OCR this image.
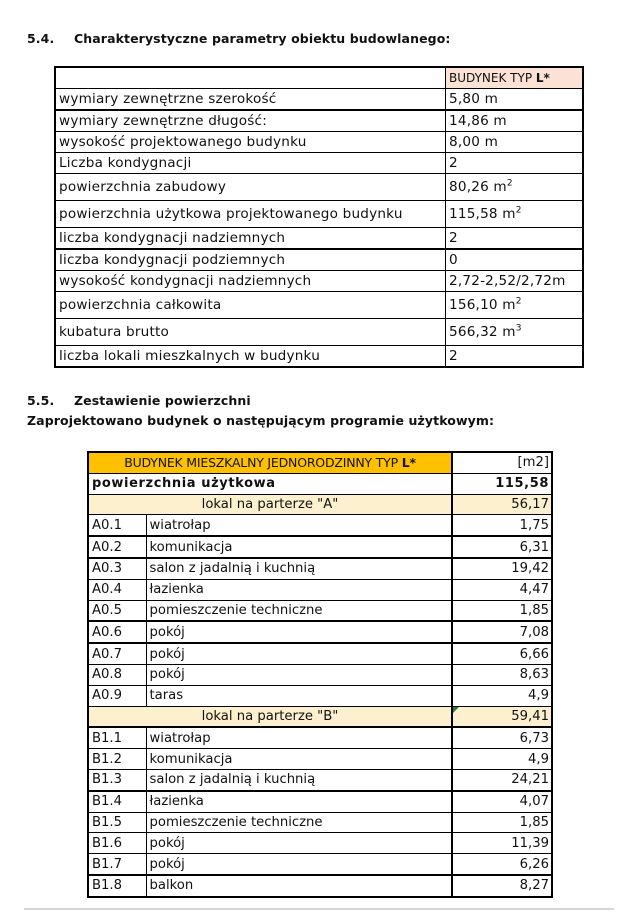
5.4. Charakterystyczne parametry obiektu budowlanego:
	BUDYNEK TYP L*
wymiary zewnętrzne szerokość	5,80 m
wymiary zewnętrzne długość:	14,86 m
wysokość projektowanego budynku	8,00 m
Liczba kondygnacji	2
powierzchnia zabudowy	80,26 $m^2$
powierzchnia użytkowa projektowanego budynku	115,58 $m^2$
liczba kondygnacji nadziemnych	2
liczba kondygnacji podziemnych	0
wysokość kondygnacji nadziemnych	2,72-2,52/2,72m
powierzchnia całkowita	156,10 $m^2$
kubatura brutto	566,32 $m^3$
liczba lokali mieszkalnych w budynku	2
5.5. Zestawienie powierzchni
Zaprojektowano budynek o następującym programie użytkowym:
BUDYNEK MIESZKALNY JEDNORODZINNY TYP L*		[m2]
powierzchnia użytkowa		115,58
lokal na parterze "A"		56,17
A0.1	wiatrołap	1,75
A0.2	komunikacja	6,31
A0.3	salon z jadalnią i kuchnią	19,42
A0.4	łazienka	4,47
A0.5	pomieszczenie techniczne	1,85
A0.6	pokój	7,08
A0.7	pokój	6,66
A0.8	pokój	8,63
A0.9	taras	4,9
lokal na parterze "B"		59,41
B1.1	wiatrołap	6,73
B1.2	komunikacja	4,9
B1.3	salon z jadalnią i kuchnią	24,21
B1.4	łazienka	4,07
B1.5	pomieszczenie techniczne	1,85
B1.6	pokój	11,39
B1.7	pokój	6,26
B1.8	balkon	8,27
